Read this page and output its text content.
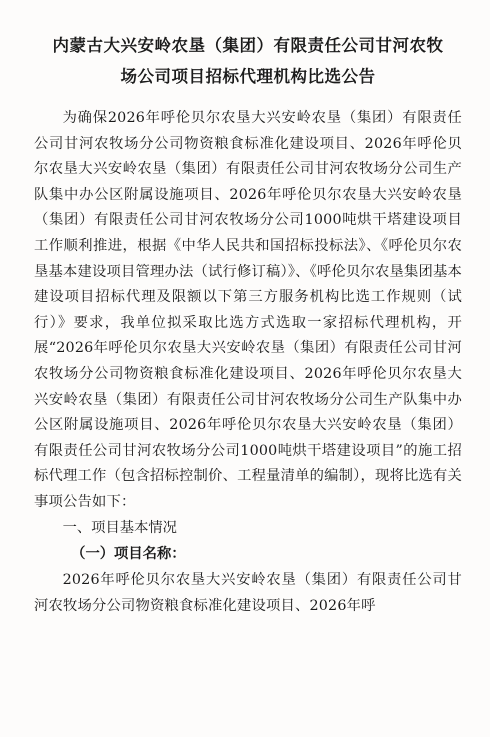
内蒙古大兴安岭农垦（集团）有限责任公司甘河农牧
场公司项目招标代理机构比选公告

为确保2026年呼伦贝尔农垦大兴安岭农垦（集团）有限责任公司甘河农牧场分公司物资粮食标准化建设项目、2026年呼伦贝尔农垦大兴安岭农垦（集团）有限责任公司甘河农牧场分公司生产队集中办公区附属设施项目、2026年呼伦贝尔农垦大兴安岭农垦（集团）有限责任公司甘河农牧场分公司1000吨烘干塔建设项目工作顺利推进，根据《中华人民共和国招标投标法》、《呼伦贝尔农垦基本建设项目管理办法（试行修订稿）》、《呼伦贝尔农垦集团基本建设项目招标代理及限额以下第三方服务机构比选工作规则（试行）》要求，我单位拟采取比选方式选取一家招标代理机构，开展“2026年呼伦贝尔农垦大兴安岭农垦（集团）有限责任公司甘河农牧场分公司物资粮食标准化建设项目、2026年呼伦贝尔农垦大兴安岭农垦（集团）有限责任公司甘河农牧场分公司生产队集中办公区附属设施项目、2026年呼伦贝尔农垦大兴安岭农垦（集团）有限责任公司甘河农牧场分公司1000吨烘干塔建设项目”的施工招标代理工作（包含招标控制价、工程量清单的编制），现将比选有关事项公告如下：

一、项目基本情况

（一）项目名称：

2026年呼伦贝尔农垦大兴安岭农垦（集团）有限责任公司甘河农牧场分公司物资粮食标准化建设项目、2026年呼
